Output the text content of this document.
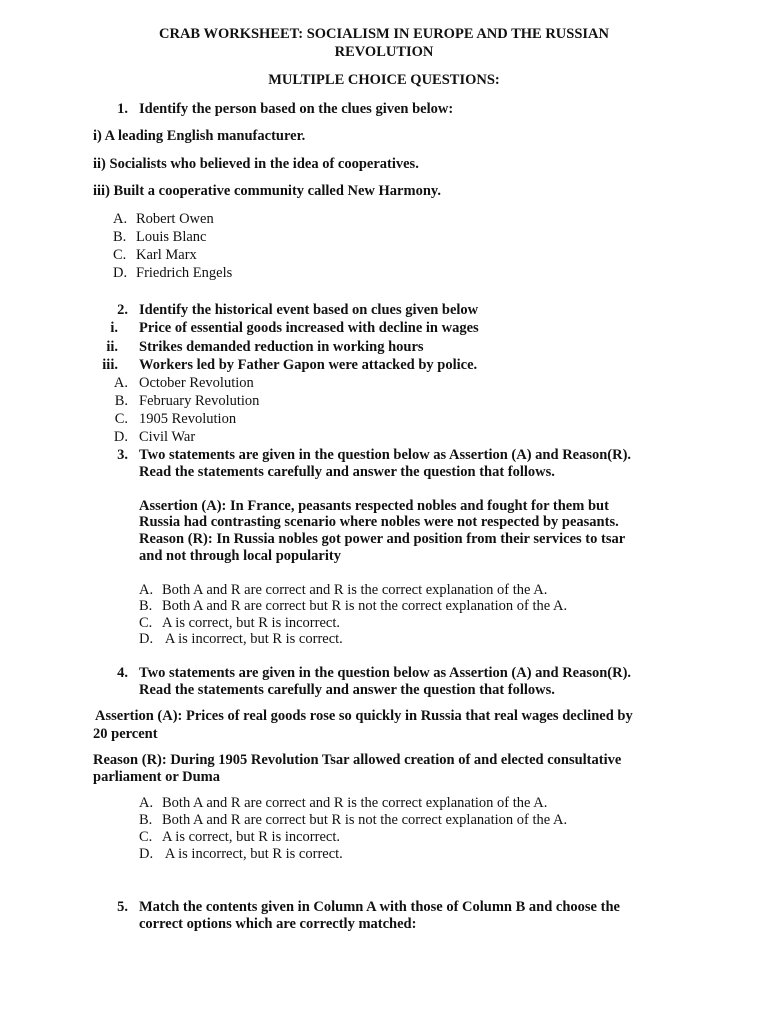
CRAB WORKSHEET: SOCIALISM IN EUROPE AND THE RUSSIAN
REVOLUTION
MULTIPLE CHOICE QUESTIONS:
1. Identify the person based on the clues given below:
i) A leading English manufacturer.
ii) Socialists who believed in the idea of cooperatives.
iii) Built a cooperative community called New Harmony.
A. Robert Owen
B. Louis Blanc
C. Karl Marx
D. Friedrich Engels
2. Identify the historical event based on clues given below
i. Price of essential goods increased with decline in wages
ii. Strikes demanded reduction in working hours
iii. Workers led by Father Gapon were attacked by police.
A. October Revolution
B. February Revolution
C. 1905 Revolution
D. Civil War
3. Two statements are given in the question below as Assertion (A) and Reason(R).
Read the statements carefully and answer the question that follows.
Assertion (A): In France, peasants respected nobles and fought for them but
Russia had contrasting scenario where nobles were not respected by peasants.
Reason (R): In Russia nobles got power and position from their services to tsar
and not through local popularity
A. Both A and R are correct and R is the correct explanation of the A.
B. Both A and R are correct but R is not the correct explanation of the A.
C. A is correct, but R is incorrect.
D. A is incorrect, but R is correct.
4. Two statements are given in the question below as Assertion (A) and Reason(R).
Read the statements carefully and answer the question that follows.
Assertion (A): Prices of real goods rose so quickly in Russia that real wages declined by
20 percent
Reason (R): During 1905 Revolution Tsar allowed creation of and elected consultative
parliament or Duma
A. Both A and R are correct and R is the correct explanation of the A.
B. Both A and R are correct but R is not the correct explanation of the A.
C. A is correct, but R is incorrect.
D. A is incorrect, but R is correct.
5. Match the contents given in Column A with those of Column B and choose the
correct options which are correctly matched:
